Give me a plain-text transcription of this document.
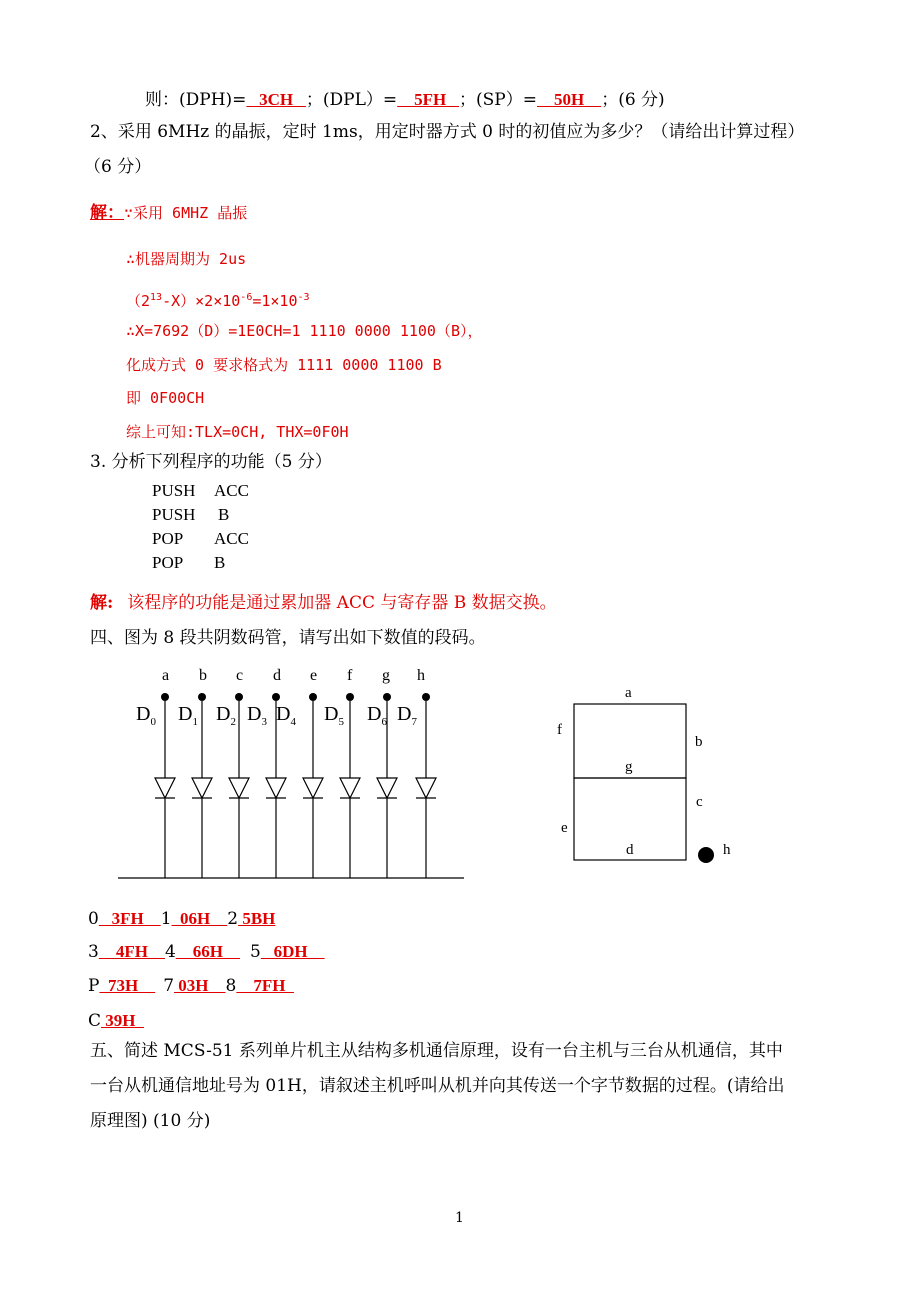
则：(DPH)=   3CH   ；(DPL）=    5FH   ；(SP）=    50H    ；(6 分)
2、采用 6MHz 的晶振，定时 1ms，用定时器方式 0 时的初值应为多少？（请给出计算过程）
（6 分）
解：∵采用 6MHZ 晶振
∴机器周期为 2us
$(2^{13}-X)\times 2\times 10^{-6}=1\times 10^{-3}$
∴X=7692（D）=1E0CH=1 1110 0000 1100（B），
化成方式 0 要求格式为 1111 0000 1100 B
即 0F00CH
综上可知:TLX=0CH, THX=0F0H
3. 分析下列程序的功能（5 分）
PUSH ACC
PUSH B
POP ACC
POP B
解: 该程序的功能是通过累加器 ACC 与寄存器 B 数据交换。
四、图为 8 段共阴数码管，请写出如下数值的段码。
a b c d e f g h
$D_0$ $D_1$ $D_2$ $D_3$ $D_4$ $D_5$ $D_6$ $D_7$
a
f
b
g
c
e
d	h
0   3FH    1  06H    2 5BH
3    4FH    4    66H    5   6DH
P  73H    7 03H    8    7FH
C 39H
五、简述 MCS-51 系列单片机主从结构多机通信原理，设有一台主机与三台从机通信，其中
一台从机通信地址号为 01H，请叙述主机呼叫从机并向其传送一个字节数据的过程。(请给出
原理图) (10 分)
1
